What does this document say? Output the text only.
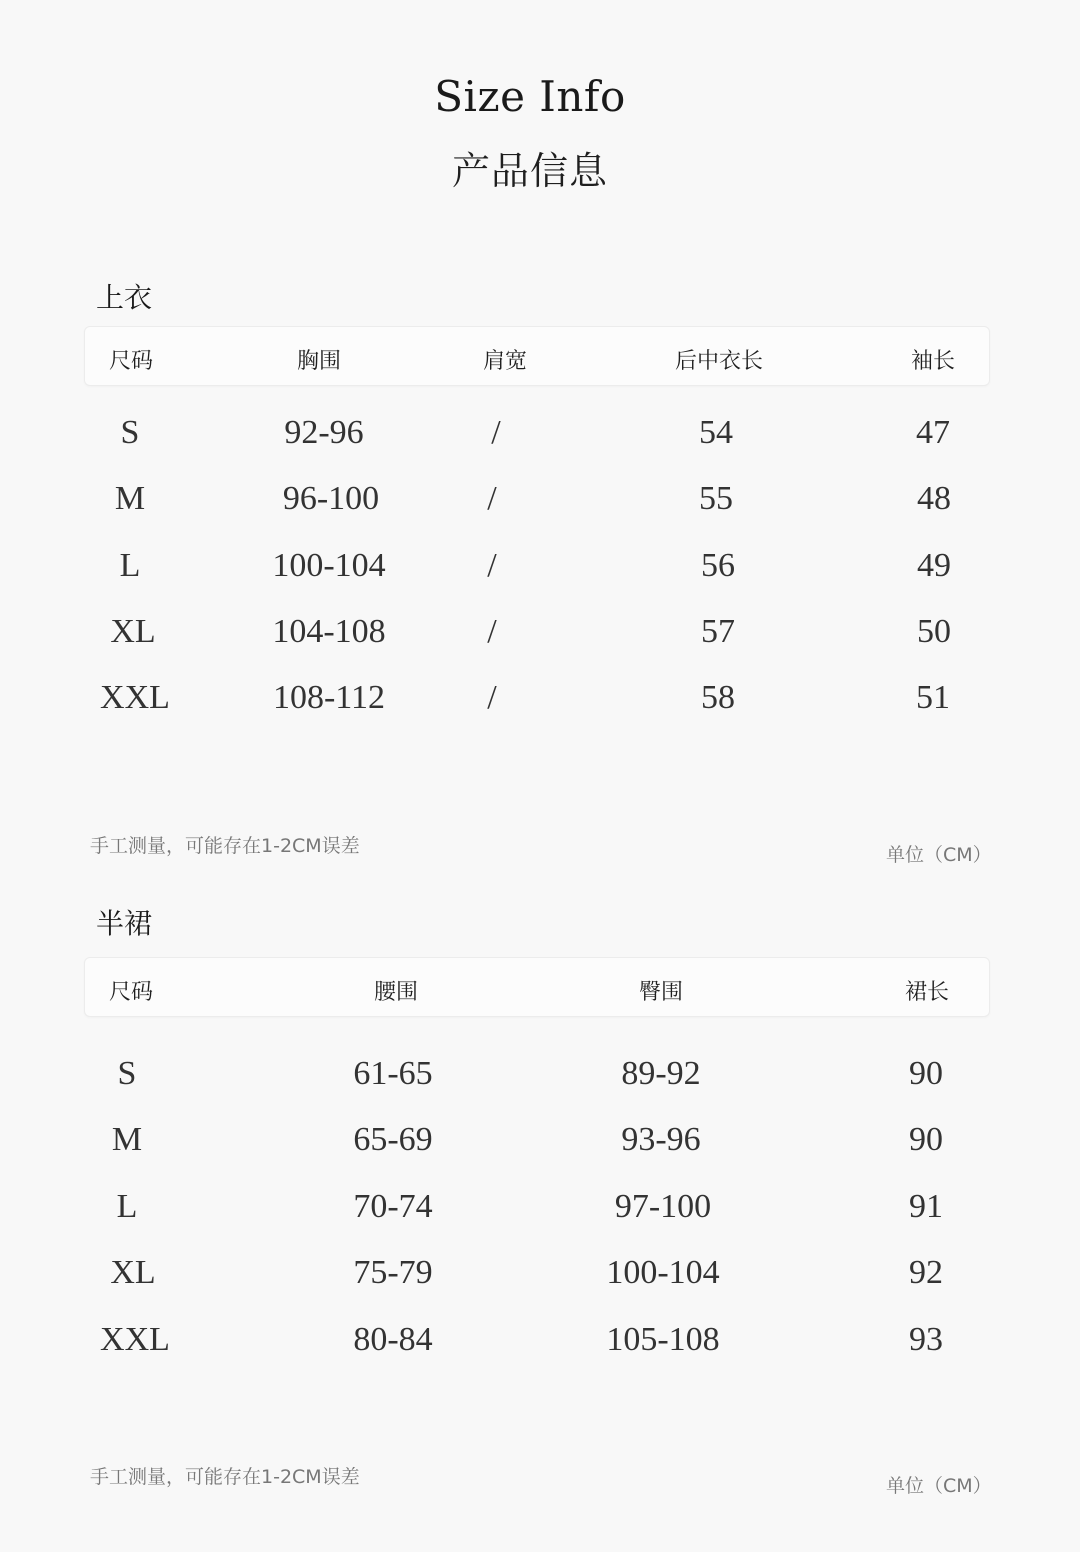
Size Info
产品信息
上衣
尺码	胸围	肩宽	后中衣长	袖长
S	92-96	/	54	47
M	96-100	/	55	48
L	100-104	/	56	49
XL	104-108	/	57	50
XXL	108-112	/	58	51
手工测量，可能存在1-2CM误差	单位（CM）
半裙
尺码	腰围	臀围	裙长
S	61-65	89-92	90
M	65-69	93-96	90
L	70-74	97-100	91
XL	75-79	100-104	92
XXL	80-84	105-108	93
手工测量，可能存在1-2CM误差	单位（CM）
